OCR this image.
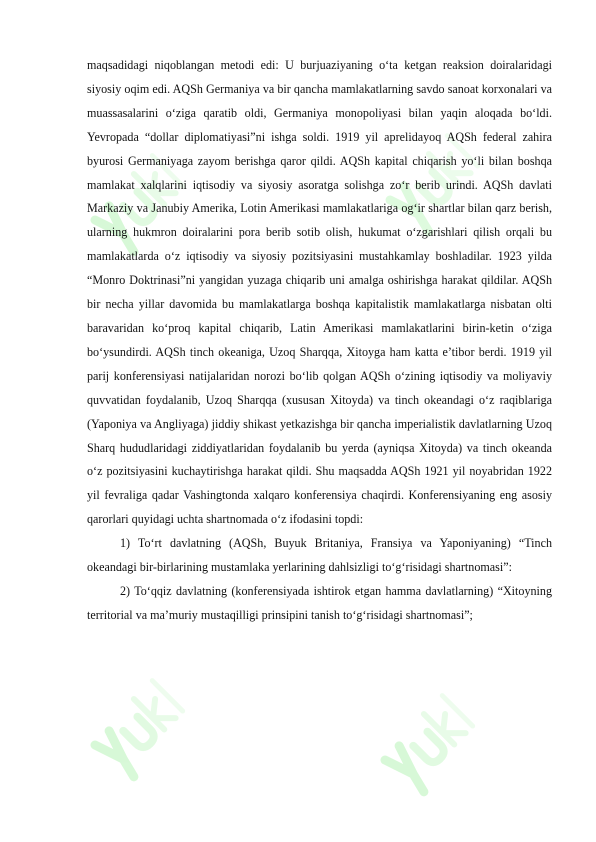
maqsadidagi niqoblangan metodi edi: U burjuaziyaning o‘ta ketgan reaksion doiralaridagi siyosiy oqim edi. AQSh Germaniya va bir qancha mamlakatlarning savdo sanoat korxonalari va muassasalarini o‘ziga qaratib oldi, Germaniya monopoliyasi bilan yaqin aloqada bo‘ldi. Yevropada “dollar diplomatiyasi”ni ishga soldi. 1919 yil aprelidayoq AQSh federal zahira byurosi Germaniyaga zayom berishga qaror qildi. AQSh kapital chiqarish yo‘li bilan boshqa mamlakat xalqlarini iqtisodiy va siyosiy asoratga solishga zo‘r berib urindi. AQSh davlati Markaziy va Janubiy Amerika, Lotin Amerikasi mamlakatlariga og‘ir shartlar bilan qarz berish, ularning hukmron doiralarini pora berib sotib olish, hukumat o‘zgarishlari qilish orqali bu mamlakatlarda o‘z iqtisodiy va siyosiy pozitsiyasini mustahkamlay boshladilar. 1923 yilda “Monro Doktrinasi”ni yangidan yuzaga chiqarib uni amalga oshirishga harakat qildilar. AQSh bir necha yillar davomida bu mamlakatlarga boshqa kapitalistik mamlakatlarga nisbatan olti baravaridan ko‘proq kapital chiqarib, Latin Amerikasi mamlakatlarini birin-ketin o‘ziga bo‘ysundirdi. AQSh tinch okeaniga, Uzoq Sharqqa, Xitoyga ham katta e’tibor berdi. 1919 yil parij konferensiyasi natijalaridan norozi bo‘lib qolgan AQSh o‘zining iqtisodiy va moliyaviy quvvatidan foydalanib, Uzoq Sharqqa (xususan Xitoyda) va tinch okeandagi o‘z raqiblariga (Yaponiya va Angliyaga) jiddiy shikast yetkazishga bir qancha imperialistik davlatlarning Uzoq Sharq hududlaridagi ziddiyatlaridan foydalanib bu yerda (ayniqsa Xitoyda) va tinch okeanda o‘z pozitsiyasini kuchaytirishga harakat qildi. Shu maqsadda AQSh 1921 yil noyabridan 1922 yil fevraliga qadar Vashingtonda xalqaro konferensiya chaqirdi. Konferensiyaning eng asosiy qarorlari quyidagi uchta shartnomada o‘z ifodasini topdi:

1) To‘rt davlatning (AQSh, Buyuk Britaniya, Fransiya va Yaponiyaning) “Tinch okeandagi bir-birlarining mustamlaka yerlarining dahlsizligi to‘g‘risidagi shartnomasi”:

2) To‘qqiz davlatning (konferensiyada ishtirok etgan hamma davlatlarning) “Xitoyning territorial va ma’muriy mustaqilligi prinsipini tanish to‘g‘risidagi shartnomasi”;
